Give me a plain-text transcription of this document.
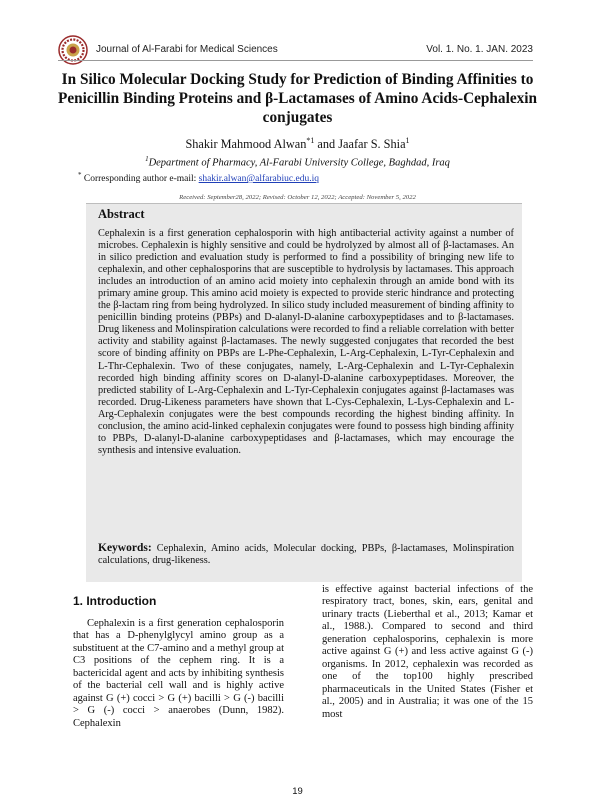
Journal of Al-Farabi for Medical Sciences	Vol. 1. No. 1. JAN. 2023
In Silico Molecular Docking Study for Prediction of Binding Affinities to Penicillin Binding Proteins and β-Lactamases of Amino Acids-Cephalexin conjugates
Shakir Mahmood Alwan$^{*1}$ and Jaafar S. Shia$^1$
$^1$Department of Pharmacy, Al-Farabi University College, Baghdad, Iraq
* Corresponding author e-mail: shakir.alwan@alfarabiuc.edu.iq
Received: September28, 2022; Revised: October 12, 2022; Accepted: November 5, 2022
Abstract
Cephalexin is a first generation cephalosporin with high antibacterial activity against a number of microbes. Cephalexin is highly sensitive and could be hydrolyzed by almost all of β-lactamases. An in silico prediction and evaluation study is performed to find a possibility of bringing new life to cephalexin, and other cephalosporins that are susceptible to hydrolysis by lactamases. This approach includes an introduction of an amino acid moiety into cephalexin through an amide bond with its primary amine group. This amino acid moiety is expected to provide steric hindrance and protecting the β-lactam ring from being hydrolyzed. In silico study included measurement of binding affinity to penicillin binding proteins (PBPs) and D-alanyl-D-alanine carboxypeptidases and to β-lactamases. Drug likeness and Molinspiration calculations were recorded to find a reliable correlation with better activity and stability against β-lactamases. The newly suggested conjugates that recorded the best score of binding affinity on PBPs are L-Phe-Cephalexin, L-Arg-Cephalexin, L-Tyr-Cephalexin and L-Thr-Cephalexin. Two of these conjugates, namely, L-Arg-Cephalexin and L-Tyr-Cephalexin recorded high binding affinity scores on D-alanyl-D-alanine carboxypeptidases. Moreover, the predicted stability of L-Arg-Cephalexin and L-Tyr-Cephalexin conjugates against β-lactamases was recorded. Drug-Likeness parameters have shown that L-Cys-Cephalexin, L-Lys-Cephalexin and L-Arg-Cephalexin conjugates were the best compounds recording the highest binding affinity. In conclusion, the amino acid-linked cephalexin conjugates were found to possess high binding affinity to PBPs, D-alanyl-D-alanine carboxypeptidases and β-lactamases, which may encourage the synthesis and intensive evaluation.
Keywords: Cephalexin, Amino acids, Molecular docking, PBPs, β-lactamases, Molinspiration calculations, drug-likeness.
1. Introduction
Cephalexin is a first generation cephalosporin that has a D-phenylglycyl amino group as a substituent at the C7-amino and a methyl group at C3 positions of the cephem ring. It is a bactericidal agent and acts by inhibiting synthesis of the bacterial cell wall and is highly active against G (+) cocci > G (+) bacilli > G (-) bacilli > G (-) cocci > anaerobes (Dunn, 1982). Cephalexin
is effective against bacterial infections of the respiratory tract, bones, skin, ears, genital and urinary tracts (Lieberthal et al., 2013; Kamar et al., 1988.). Compared to second and third generation cephalosporins, cephalexin is more active against G (+) and less active against G (-) organisms. In 2012, cephalexin was recorded as one of the top100 highly prescribed pharmaceuticals in the United States (Fisher et al., 2005) and in Australia; it was one of the 15 most
19
